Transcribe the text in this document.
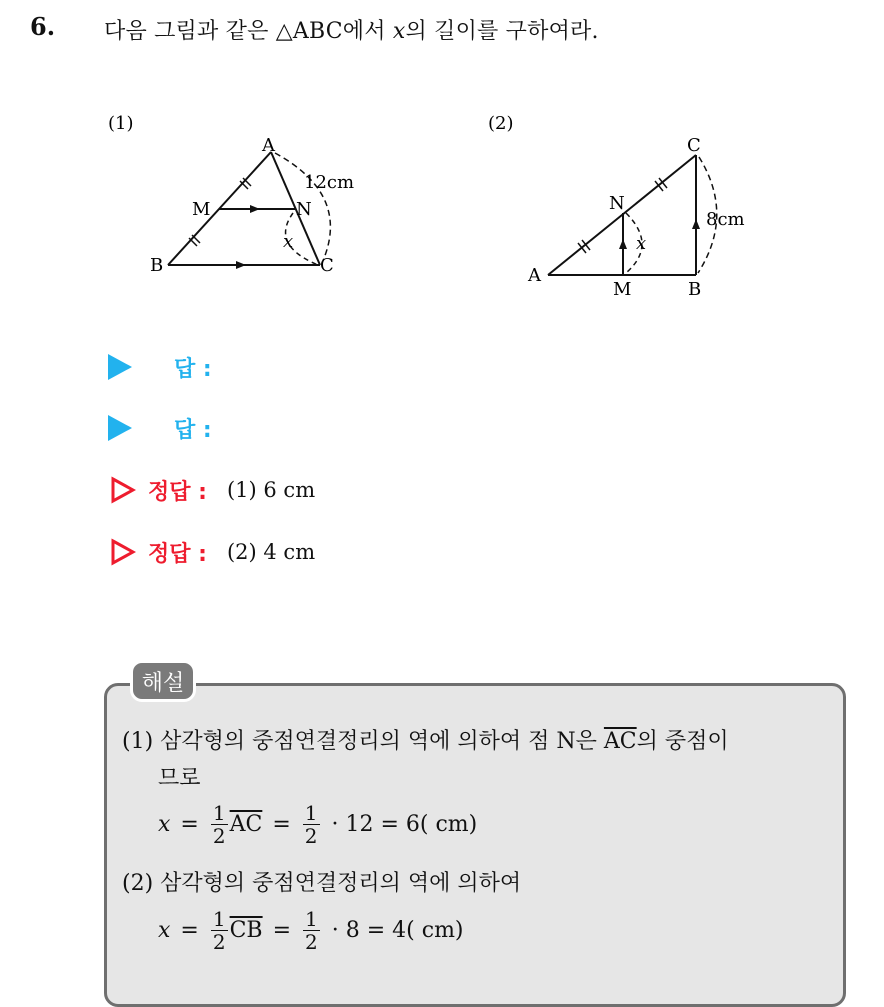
6. 다음 그림과 같은 △ABC에서 x의 길이를 구하여라.
(1)
A
M	N
B	C
12cm
x
(2)
C
N
A
M	B
8cm
x
답 :
답 :
정답 : (1) 6 cm
정답 : (2) 4 cm
해설
(1) 삼각형의 중점연결정리의 역에 의하여 점 N은 $\overline{AC}$의 중점이
므로
$x = \frac{1}{2} \overline{AC} = \frac{1}{2} \cdot 12 = 6$( cm)
(2) 삼각형의 중점연결정리의 역에 의하여
$x = \frac{1}{2} \overline{CB} = \frac{1}{2} \cdot 8 = 4$( cm)
